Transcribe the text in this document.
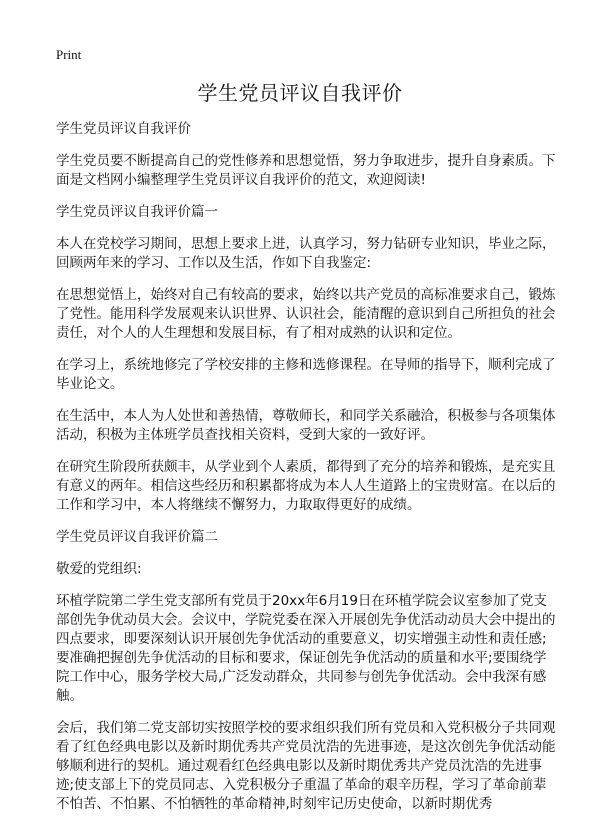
Print
学生党员评议自我评价

学生党员评议自我评价

学生党员要不断提高自己的党性修养和思想觉悟，努力争取进步，提升自身素质。下面是文档网小编整理学生党员评议自我评价的范文，欢迎阅读!

学生党员评议自我评价篇一

本人在党校学习期间，思想上要求上进，认真学习，努力钻研专业知识，毕业之际，回顾两年来的学习、工作以及生活，作如下自我鉴定:

在思想觉悟上，始终对自己有较高的要求，始终以共产党员的高标准要求自己，锻炼了党性。能用科学发展观来认识世界、认识社会，能清醒的意识到自己所担负的社会责任，对个人的人生理想和发展目标，有了相对成熟的认识和定位。

在学习上，系统地修完了学校安排的主修和选修课程。在导师的指导下，顺利完成了毕业论文。

在生活中，本人为人处世和善热情，尊敬师长，和同学关系融洽，积极参与各项集体活动，积极为主体班学员查找相关资料，受到大家的一致好评。

在研究生阶段所获颇丰，从学业到个人素质，都得到了充分的培养和锻炼，是充实且有意义的两年。相信这些经历和积累都将成为本人人生道路上的宝贵财富。在以后的工作和学习中，本人将继续不懈努力，力取取得更好的成绩。

学生党员评议自我评价篇二

敬爱的党组织:

环植学院第二学生党支部所有党员于20xx年6月19日在环植学院会议室参加了党支部创先争优动员大会。会议中，学院党委在深入开展创先争优活动动员大会中提出的四点要求，即要深刻认识开展创先争优活动的重要意义，切实增强主动性和责任感;要准确把握创先争优活动的目标和要求，保证创先争优活动的质量和水平;要围绕学院工作中心，服务学校大局,广泛发动群众，共同参与创先争优活动。会中我深有感触。

会后，我们第二党支部切实按照学校的要求组织我们所有党员和入党积极分子共同观看了红色经典电影以及新时期优秀共产党员沈浩的先进事迹，是这次创先争优活动能够顺利进行的契机。通过观看红色经典电影以及新时期优秀共产党员沈浩的先进事迹;使支部上下的党员同志、入党积极分子重温了革命的艰辛历程，学习了革命前辈不怕苦、不怕累、不怕牺牲的革命精神,时刻牢记历史使命，以新时期优秀
